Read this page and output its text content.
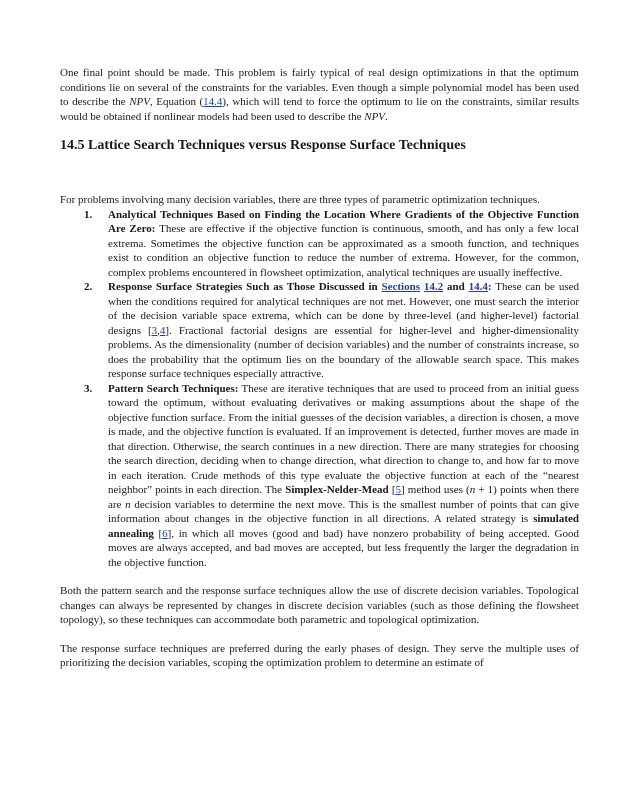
One final point should be made. This problem is fairly typical of real design optimizations in that the optimum conditions lie on several of the constraints for the variables. Even though a simple polynomial model has been used to describe the NPV, Equation (14.4), which will tend to force the optimum to lie on the constraints, similar results would be obtained if nonlinear models had been used to describe the NPV.

14.5 Lattice Search Techniques versus Response Surface Techniques

For problems involving many decision variables, there are three types of parametric optimization techniques.

1. Analytical Techniques Based on Finding the Location Where Gradients of the Objective Function Are Zero: These are effective if the objective function is continuous, smooth, and has only a few local extrema. Sometimes the objective function can be approximated as a smooth function, and techniques exist to condition an objective function to reduce the number of extrema. However, for the common, complex problems encountered in flowsheet optimization, analytical techniques are usually ineffective.
2. Response Surface Strategies Such as Those Discussed in Sections 14.2 and 14.4: These can be used when the conditions required for analytical techniques are not met. However, one must search the interior of the decision variable space extrema, which can be done by three-level (and higher-level) factorial designs [3,4]. Fractional factorial designs are essential for higher-level and higher-dimensionality problems. As the dimensionality (number of decision variables) and the number of constraints increase, so does the probability that the optimum lies on the boundary of the allowable search space. This makes response surface techniques especially attractive.
3. Pattern Search Techniques: These are iterative techniques that are used to proceed from an initial guess toward the optimum, without evaluating derivatives or making assumptions about the shape of the objective function surface. From the initial guesses of the decision variables, a direction is chosen, a move is made, and the objective function is evaluated. If an improvement is detected, further moves are made in that direction. Otherwise, the search continues in a new direction. There are many strategies for choosing the search direction, deciding when to change direction, what direction to change to, and how far to move in each iteration. Crude methods of this type evaluate the objective function at each of the “nearest neighbor” points in each direction. The Simplex-Nelder-Mead [5] method uses (n + 1) points when there are n decision variables to determine the next move. This is the smallest number of points that can give information about changes in the objective function in all directions. A related strategy is simulated annealing [6], in which all moves (good and bad) have nonzero probability of being accepted. Good moves are always accepted, and bad moves are accepted, but less frequently the larger the degradation in the objective function.

Both the pattern search and the response surface techniques allow the use of discrete decision variables. Topological changes can always be represented by changes in discrete decision variables (such as those defining the flowsheet topology), so these techniques can accommodate both parametric and topological optimization.

The response surface techniques are preferred during the early phases of design. They serve the multiple uses of prioritizing the decision variables, scoping the optimization problem to determine an estimate of
